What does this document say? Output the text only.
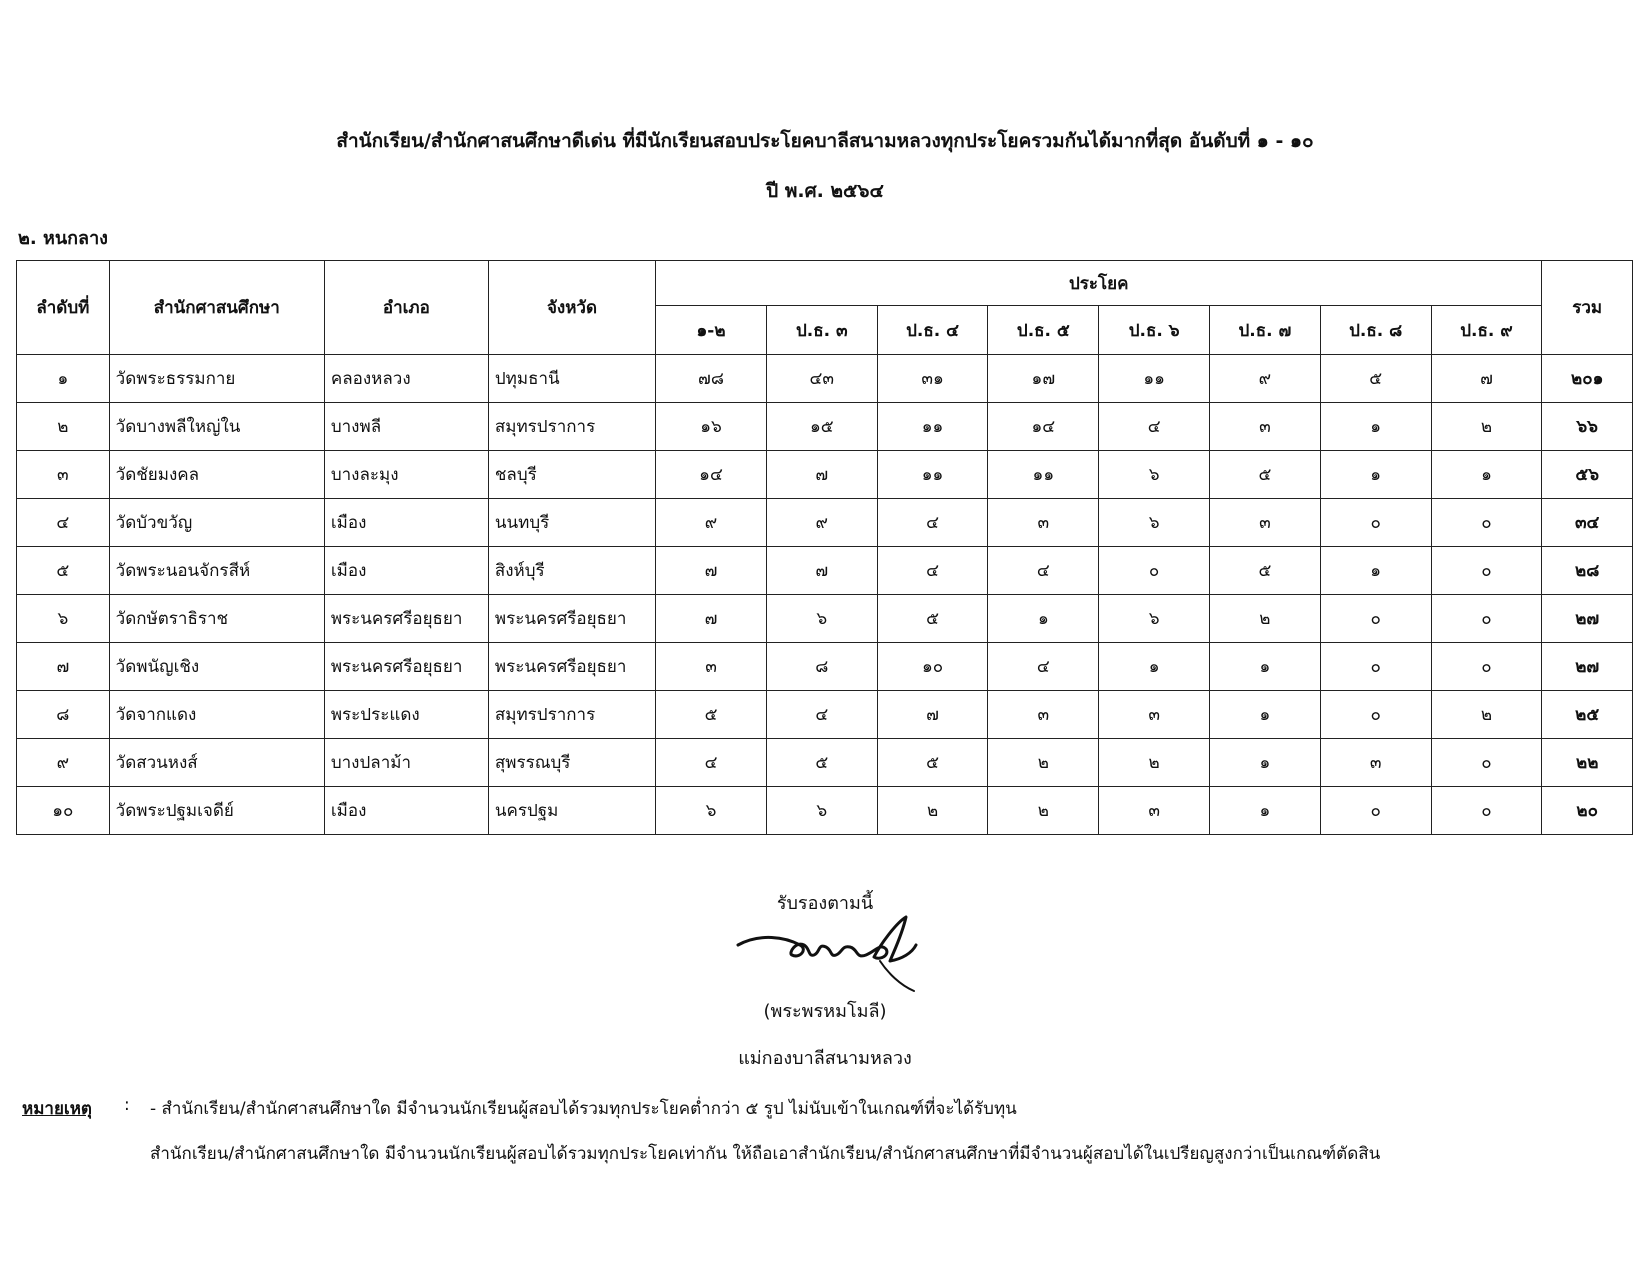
สำนักเรียน/สำนักศาสนศึกษาดีเด่น ที่มีนักเรียนสอบประโยคบาลีสนามหลวงทุกประโยครวมกันได้มากที่สุด อันดับที่ ๑ - ๑๐
ปี พ.ศ. ๒๕๖๔
๒. หนกลาง
ลำดับที่	สำนักศาสนศึกษา	อำเภอ	จังหวัด	ประโยค								รวม
				๑-๒	ป.ธ. ๓	ป.ธ. ๔	ป.ธ. ๕	ป.ธ. ๖	ป.ธ. ๗	ป.ธ. ๘	ป.ธ. ๙	
๑	วัดพระธรรมกาย	คลองหลวง	ปทุมธานี	๗๘	๔๓	๓๑	๑๗	๑๑	๙	๕	๗	๒๐๑
๒	วัดบางพลีใหญ่ใน	บางพลี	สมุทรปราการ	๑๖	๑๕	๑๑	๑๔	๔	๓	๑	๒	๖๖
๓	วัดชัยมงคล	บางละมุง	ชลบุรี	๑๔	๗	๑๑	๑๑	๖	๕	๑	๑	๕๖
๔	วัดบัวขวัญ	เมือง	นนทบุรี	๙	๙	๔	๓	๖	๓	๐	๐	๓๔
๕	วัดพระนอนจักรสีห์	เมือง	สิงห์บุรี	๗	๗	๔	๔	๐	๕	๑	๐	๒๘
๖	วัดกษัตราธิราช	พระนครศรีอยุธยา	พระนครศรีอยุธยา	๗	๖	๕	๑	๖	๒	๐	๐	๒๗
๗	วัดพนัญเชิง	พระนครศรีอยุธยา	พระนครศรีอยุธยา	๓	๘	๑๐	๔	๑	๑	๐	๐	๒๗
๘	วัดจากแดง	พระประแดง	สมุทรปราการ	๕	๔	๗	๓	๓	๑	๐	๒	๒๕
๙	วัดสวนหงส์	บางปลาม้า	สุพรรณบุรี	๔	๕	๕	๒	๒	๑	๓	๐	๒๒
๑๐	วัดพระปฐมเจดีย์	เมือง	นครปฐม	๖	๖	๒	๒	๓	๑	๐	๐	๒๐
รับรองตามนี้
(พระพรหมโมลี)
แม่กองบาลีสนามหลวง
หมายเหตุ : - สำนักเรียน/สำนักศาสนศึกษาใด มีจำนวนนักเรียนผู้สอบได้รวมทุกประโยคต่ำกว่า ๕ รูป ไม่นับเข้าในเกณฑ์ที่จะได้รับทุน
สำนักเรียน/สำนักศาสนศึกษาใด มีจำนวนนักเรียนผู้สอบได้รวมทุกประโยคเท่ากัน ให้ถือเอาสำนักเรียน/สำนักศาสนศึกษาที่มีจำนวนผู้สอบได้ในเปรียญสูงกว่าเป็นเกณฑ์ตัดสิน
